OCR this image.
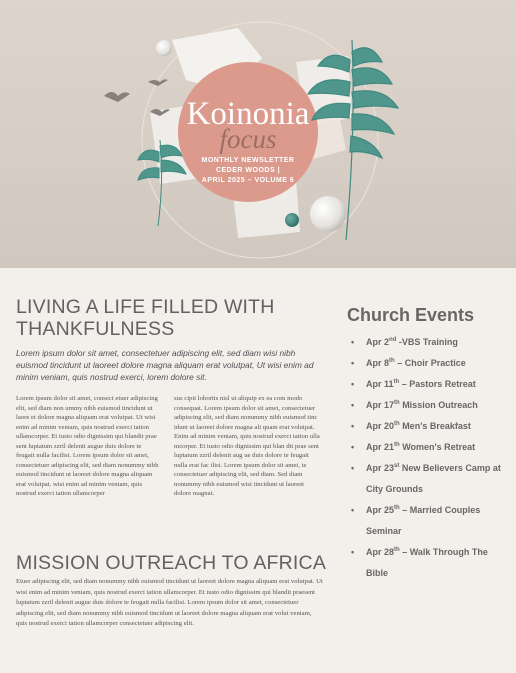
Koinonia
focus
MONTHLY NEWSLETTER
CEDER WOODS |
APRIL 2025 – VOLUME 6
LIVING A LIFE FILLED WITH
THANKFULNESS
Lorem ipsum dolor sit amet, consectetuer adipiscing elit, sed diam wisi nibh euismod tincidunt ut laoreet dolore magna aliquam erat volutpat, Ut wisi enim ad minim veniam, quis nostrud exerci, lorem dolore sit.
Lorem ipsum dolor sit amet, consect etuer adipiscing elit, sed diam non ummy nibh euismod tincidunt ut laore et dolore magna aliquam erat volutpat. Ut wisi enim ad minim veniam, quis nostrud exerci tation ullamcorper. Et iusto odio dignissim qui blandit prae sent luptatum zzril delenit augue duis dolore te feugait nulla facilisi. Lorem ipsum dolor sit amet, consectetuer adipiscing elit, sed diam nonummy nibh euismod tincidunt ut laoreet dolore magna aliquam erat volutpat. wisi enim ad minim veniam, quis nostrud exerci tation ullamcorper
sus cipit lobortis nisl ut aliquip ex ea com modo consequat. Lorem ipsum dolor sit amet, consectetuer adipiscing elit, sed diam nonummy nibh euismod tinc idunt ut laoreet dolore magna ali quam erat volutpat. Enim ad minim veniam, quis nostrud exerci tation ulla mcorper. Et iusto odio dignissim qui blan dit prae sent luptatum zzril delenit aug ue duis dolore te feugait nulla erat fac ilisi. Lorem ipsum dolor sit amet, te consectetuer adipiscing elit, sed diam. Sed diam nonummy nibh euismod wisi tincidunt ut laoreet dolore magnat.
MISSION OUTREACH TO AFRICA
Etuer adipiscing elit, sed diam nonummy nibh euismod tincidunt ut laoreet dolore magna aliquam erat volutpat. Ut wisi enim ad minim veniam, quis nostrud exerci tation ullamcorper. Et iusto odio dignissim qui blandit praesent luptatum zzril delenit augue duis dolore te feugait nulla facilisi. Lorem ipsum dolor sit amet, consectetuer adipiscing elit, sed diam nonummy nibh euismod tincidunt ut laoreet dolore magna aliquam erat volut veniam, quis nostrud exerci tation ullamcorper consectetuer adipiscing elit.
Church Events
• Apr 2nd -VBS Training
• Apr 8th – Choir Practice
• Apr 11th – Pastors Retreat
• Apr 17th Mission Outreach
• Apr 20th Men's Breakfast
• Apr 21th Women's Retreat
• Apr 23st New Believers Camp at City Grounds
• Apr 25th – Married Couples Seminar
• Apr 28th – Walk Through The Bible
